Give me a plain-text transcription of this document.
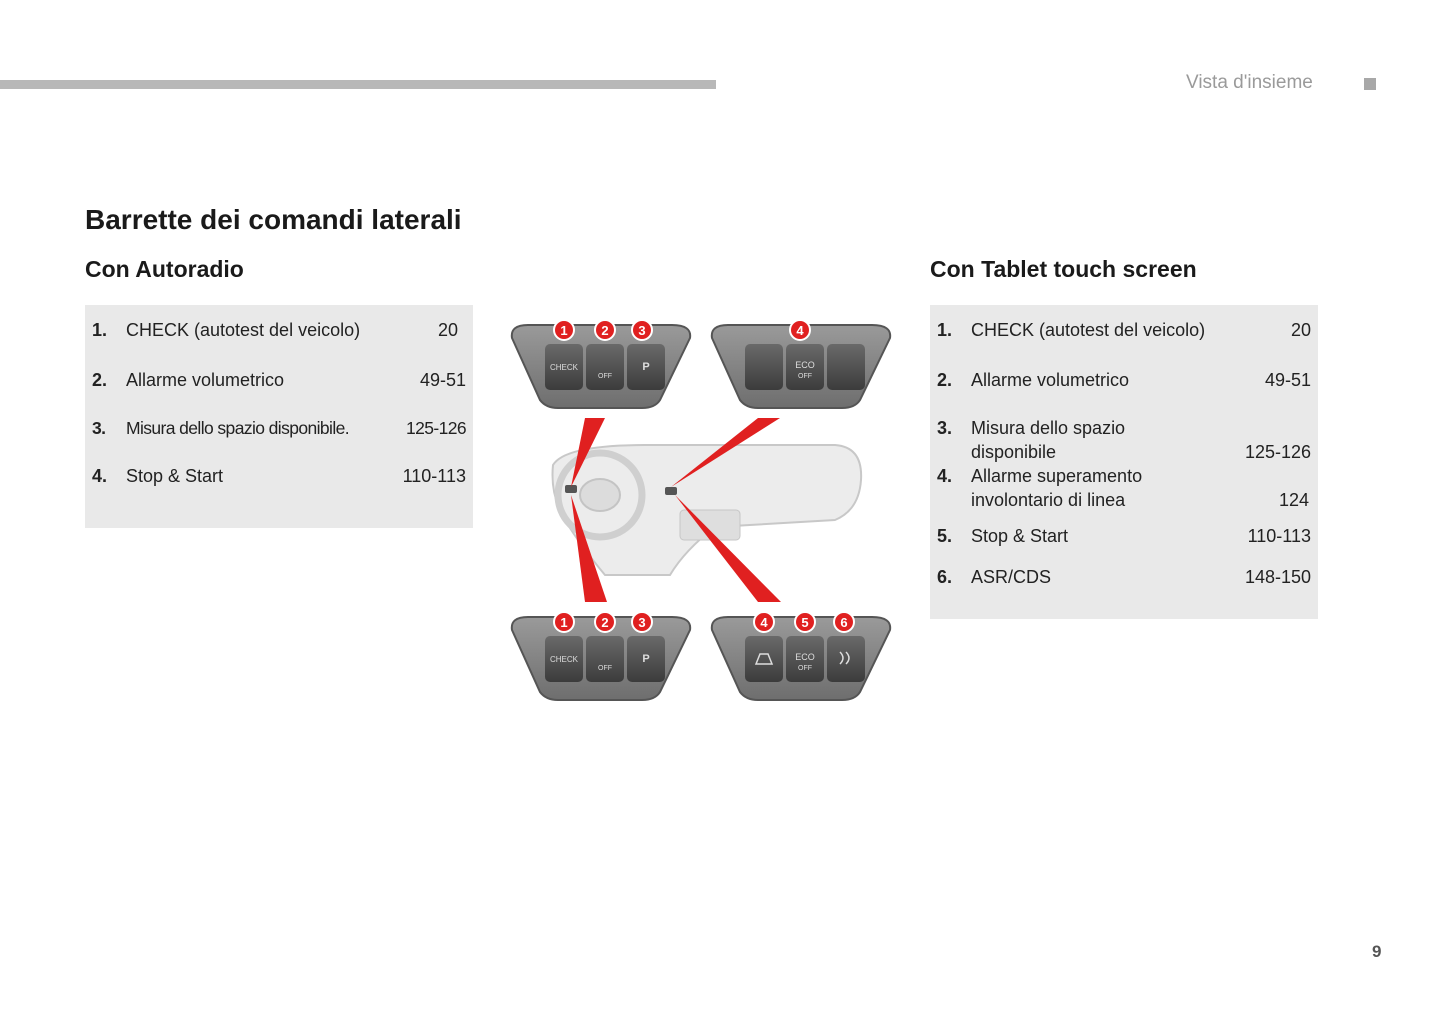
Vista d'insieme
Barrette dei comandi laterali
Con Autoradio	Con Tablet touch screen
1. CHECK (autotest del veicolo)	20
2. Allarme volumetrico	49-51
3. Misura dello spazio disponibile.	125-126
4. Stop & Start	110-113
1. CHECK (autotest del veicolo)	20
2. Allarme volumetrico	49-51
3. Misura dello spazio
disponibile	125-126
4. Allarme superamento
involontario di linea	124
5. Stop & Start	110-113
6. ASR/CDS	148-150
CHECK
OFF
P
1	2 3
ECO
OFF
4
CHECK
OFF
P
1	2 3
ECO
OFF
4	5 6
9
